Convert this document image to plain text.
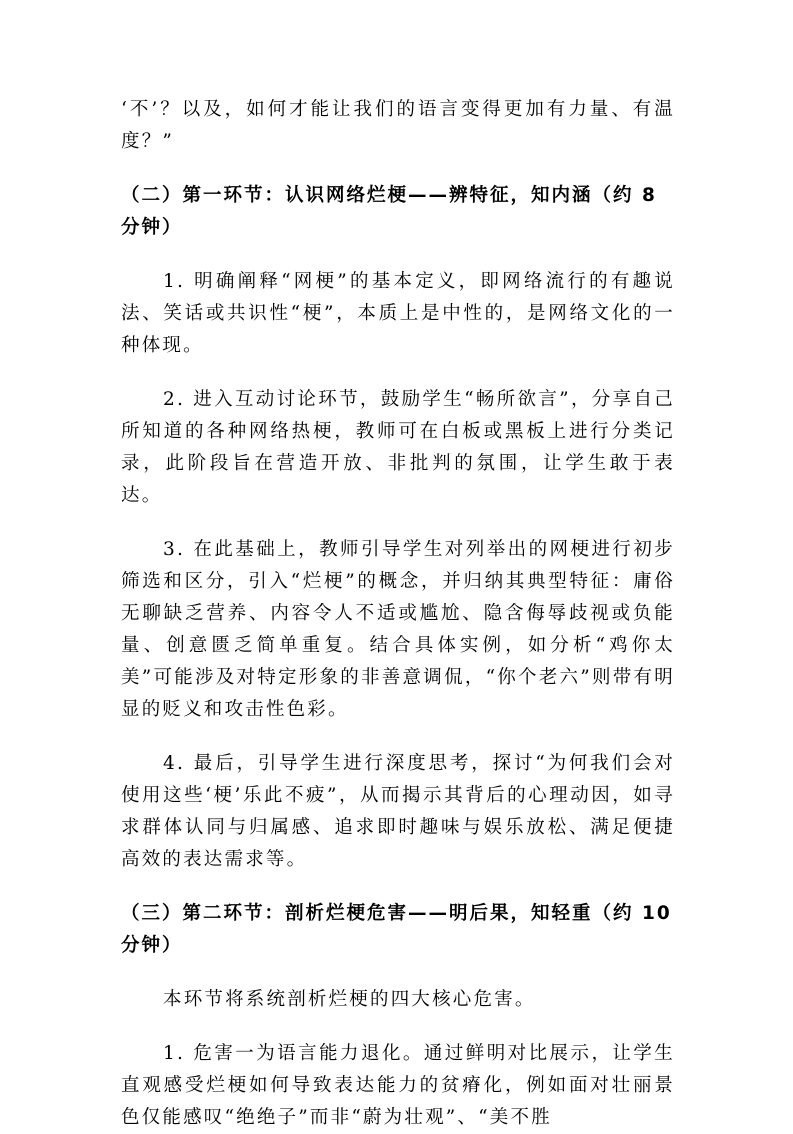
‘不’？以及，如何才能让我们的语言变得更加有力量、有温度？”

（二）第一环节：认识网络烂梗——辨特征，知内涵（约 8 分钟）

1. 明确阐释“网梗”的基本定义，即网络流行的有趣说法、笑话或共识性“梗”，本质上是中性的，是网络文化的一种体现。

2. 进入互动讨论环节，鼓励学生“畅所欲言”，分享自己所知道的各种网络热梗，教师可在白板或黑板上进行分类记录，此阶段旨在营造开放、非批判的氛围，让学生敢于表达。

3. 在此基础上，教师引导学生对列举出的网梗进行初步筛选和区分，引入“烂梗”的概念，并归纳其典型特征：庸俗无聊缺乏营养、内容令人不适或尴尬、隐含侮辱歧视或负能量、创意匮乏简单重复。结合具体实例，如分析“鸡你太美”可能涉及对特定形象的非善意调侃，“你个老六”则带有明显的贬义和攻击性色彩。

4. 最后，引导学生进行深度思考，探讨“为何我们会对使用这些‘梗’乐此不疲”，从而揭示其背后的心理动因，如寻求群体认同与归属感、追求即时趣味与娱乐放松、满足便捷高效的表达需求等。

（三）第二环节：剖析烂梗危害——明后果，知轻重（约 10 分钟）

本环节将系统剖析烂梗的四大核心危害。

1. 危害一为语言能力退化。通过鲜明对比展示，让学生直观感受烂梗如何导致表达能力的贫瘠化，例如面对壮丽景色仅能感叹“绝绝子”而非“蔚为壮观”、“美不胜
